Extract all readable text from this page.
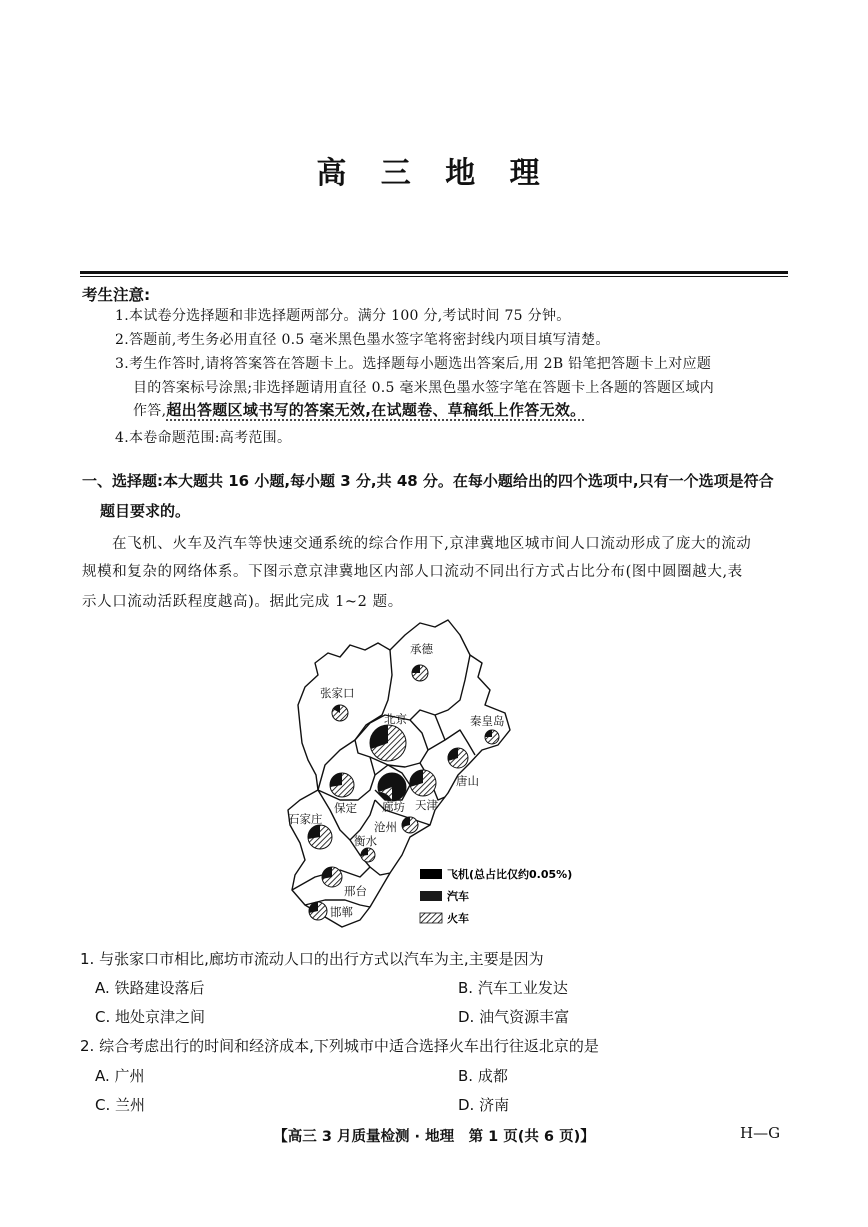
高 三 地 理
考生注意:
1.本试卷分选择题和非选择题两部分。满分 100 分,考试时间 75 分钟。
2.答题前,考生务必用直径 0.5 毫米黑色墨水签字笔将密封线内项目填写清楚。
3.考生作答时,请将答案答在答题卡上。选择题每小题选出答案后,用 2B 铅笔把答题卡上对应题
目的答案标号涂黑;非选择题请用直径 0.5 毫米黑色墨水签字笔在答题卡上各题的答题区域内
作答,超出答题区域书写的答案无效,在试题卷、草稿纸上作答无效。
4.本卷命题范围:高考范围。
一、选择题:本大题共 16 小题,每小题 3 分,共 48 分。在每小题给出的四个选项中,只有一个选项是符合
题目要求的。
在飞机、火车及汽车等快速交通系统的综合作用下,京津冀地区城市间人口流动形成了庞大的流动
规模和复杂的网络体系。下图示意京津冀地区内部人口流动不同出行方式占比分布(图中圆圈越大,表
示人口流动活跃程度越高)。据此完成 1~2 题。
张家口
承德
北京	秦皇岛
唐山
廊坊 天津
保定
石家庄
沧州
衡水
邢台
邯郸
飞机(总占比仅约0.05%)
汽车
火车
1. 与张家口市相比,廊坊市流动人口的出行方式以汽车为主,主要是因为
A. 铁路建设落后	B. 汽车工业发达
C. 地处京津之间	D. 油气资源丰富
2. 综合考虑出行的时间和经济成本,下列城市中适合选择火车出行往返北京的是
A. 广州	B. 成都
C. 兰州	D. 济南
【高三 3 月质量检测 · 地理　第 1 页(共 6 页)】	H—G
